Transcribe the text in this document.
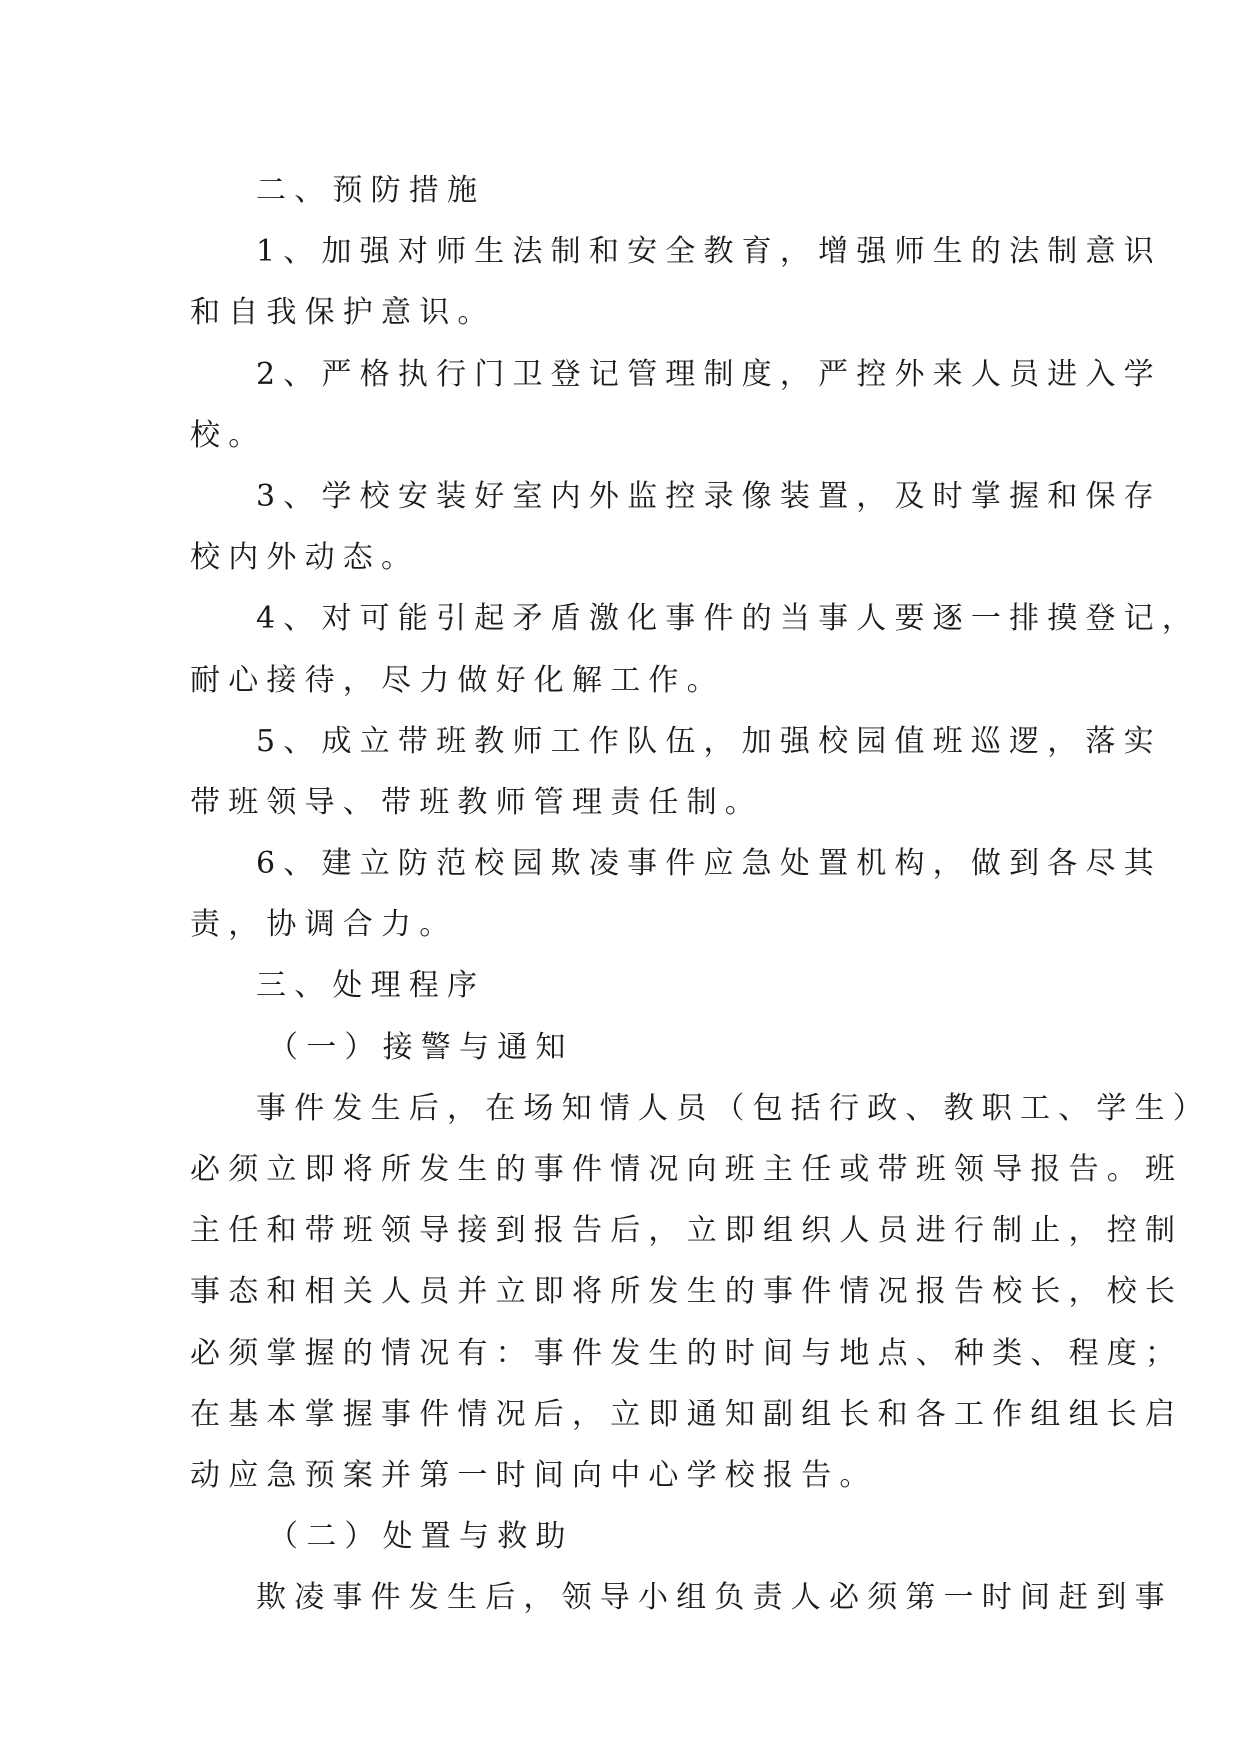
二、预防措施
1、加强对师生法制和安全教育，增强师生的法制意识
和自我保护意识。
2、严格执行门卫登记管理制度，严控外来人员进入学
校。
3、学校安装好室内外监控录像装置，及时掌握和保存
校内外动态。
4、对可能引起矛盾激化事件的当事人要逐一排摸登记，
耐心接待，尽力做好化解工作。
5、成立带班教师工作队伍，加强校园值班巡逻，落实
带班领导、带班教师管理责任制。
6、建立防范校园欺凌事件应急处置机构，做到各尽其
责，协调合力。
三、处理程序
（一）接警与通知
事件发生后，在场知情人员（包括行政、教职工、学生）
必须立即将所发生的事件情况向班主任或带班领导报告。班
主任和带班领导接到报告后，立即组织人员进行制止，控制
事态和相关人员并立即将所发生的事件情况报告校长，校长
必须掌握的情况有：事件发生的时间与地点、种类、程度；
在基本掌握事件情况后，立即通知副组长和各工作组组长启
动应急预案并第一时间向中心学校报告。
（二）处置与救助
欺凌事件发生后，领导小组负责人必须第一时间赶到事
